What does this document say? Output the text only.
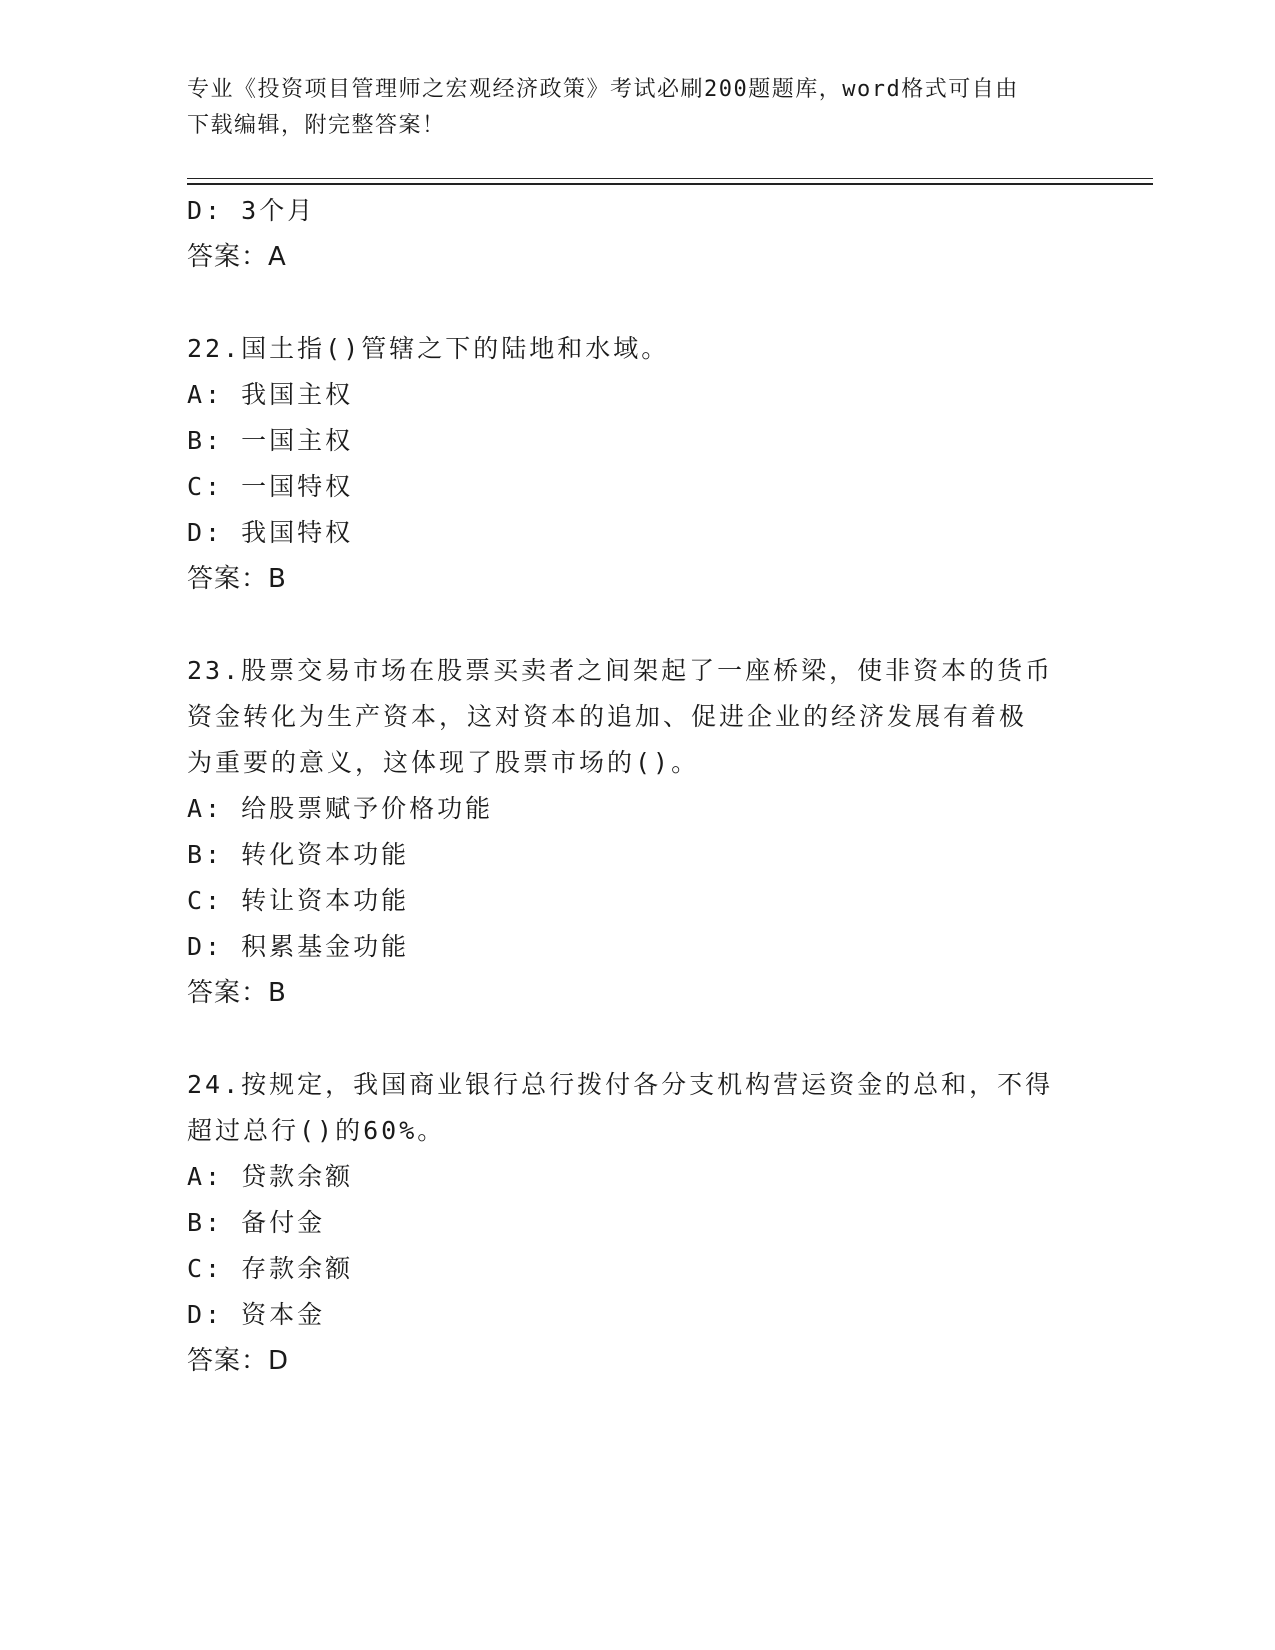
专业《投资项目管理师之宏观经济政策》考试必刷200题题库，word格式可自由
下载编辑，附完整答案！
D: 3个月
答案：A
22.国土指()管辖之下的陆地和水域。
A: 我国主权
B: 一国主权
C: 一国特权
D: 我国特权
答案：B
23.股票交易市场在股票买卖者之间架起了一座桥梁，使非资本的货币
资金转化为生产资本，这对资本的追加、促进企业的经济发展有着极
为重要的意义，这体现了股票市场的()。
A: 给股票赋予价格功能
B: 转化资本功能
C: 转让资本功能
D: 积累基金功能
答案：B
24.按规定，我国商业银行总行拨付各分支机构营运资金的总和，不得
超过总行()的60%。
A: 贷款余额
B: 备付金
C: 存款余额
D: 资本金
答案：D
